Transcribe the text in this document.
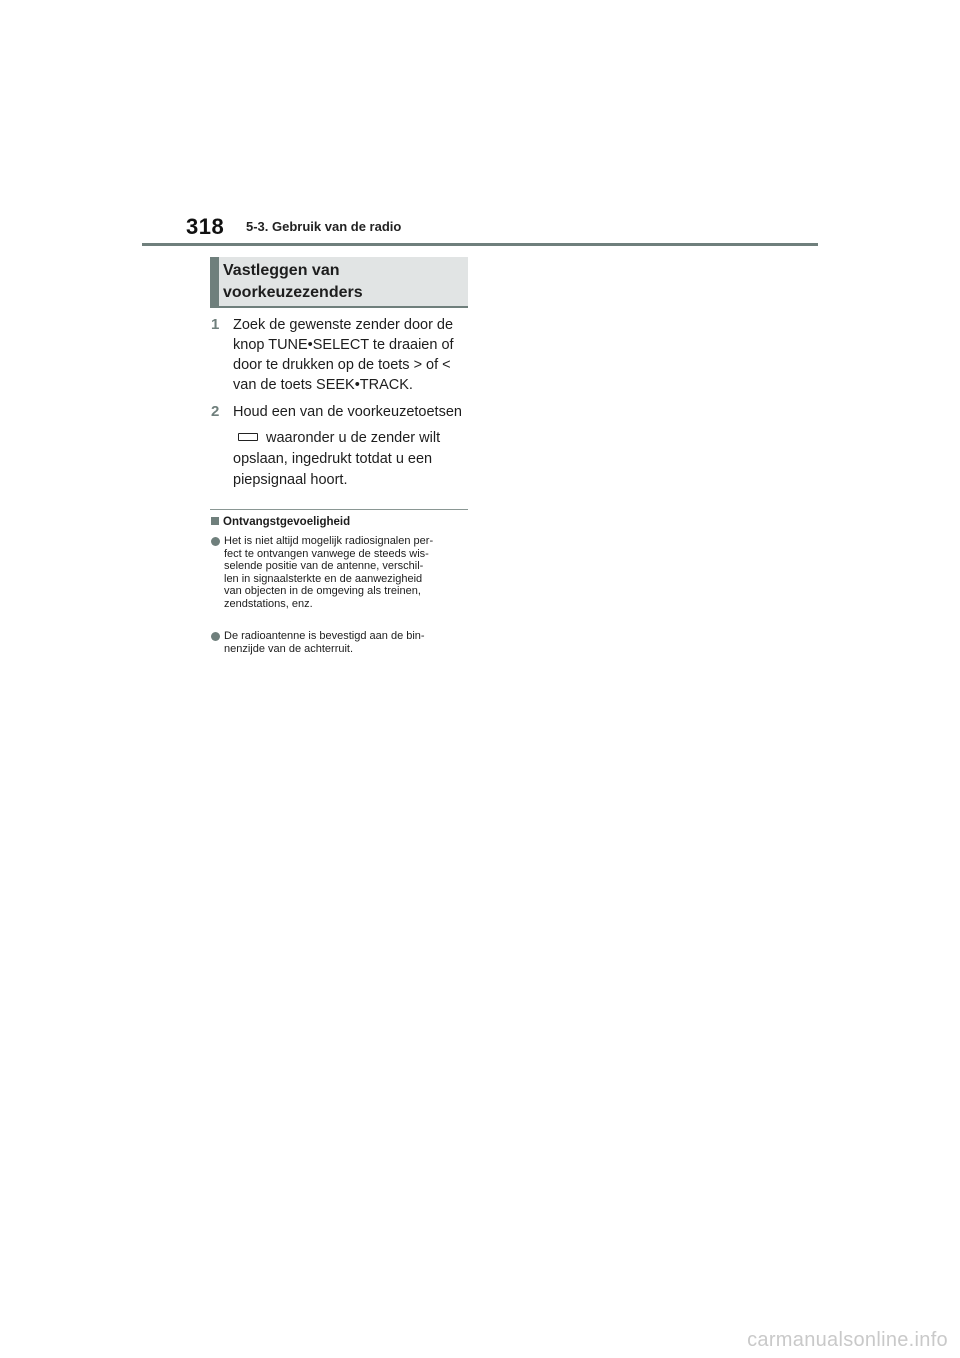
318 5-3. Gebruik van de radio
Vastleggen van
voorkeuzezenders
1 Zoek de gewenste zender door de
knop TUNE•SELECT te draaien of
door te drukken op de toets > of <
van de toets SEEK•TRACK.
2 Houd een van de voorkeuzetoetsen
waaronder u de zender wilt
opslaan, ingedrukt totdat u een
piepsignaal hoort.
Ontvangstgevoeligheid
Het is niet altijd mogelijk radiosignalen per-
fect te ontvangen vanwege de steeds wis-
selende positie van de antenne, verschil-
len in signaalsterkte en de aanwezigheid
van objecten in de omgeving als treinen,
zendstations, enz.
De radioantenne is bevestigd aan de bin-
nenzijde van de achterruit.
carmanualsonline.info
